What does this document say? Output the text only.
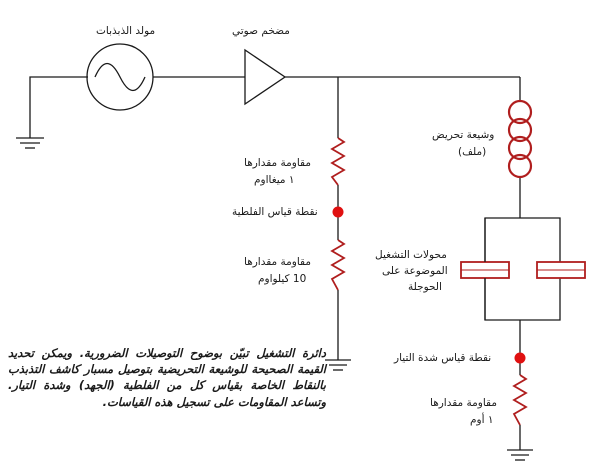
مولد الذبذبات	مضخم صوتي
وشيعة تحريض
(ملف)
مقاومة مقدارها
١ ميغااوم
نقطة قياس الفلطية
مقاومة مقدارها
10 كيلواوم
محولات التشغيل
الموضوعة على
الحوجلة
نقطة قياس شدة التيار
مقاومة مقدارها
١ أوم
دائرة التشغيل تبيّن بوضوح التوصيلات الضرورية. ويمكن تحديد القيمة الصحيحة للوشيعة التحريضية بتوصيل مسبار كاشف التذبذب بالنقاط الخاصة بقياس كل من الفلطية (الجهد) وشدة التيار. وتساعد المقاومات على تسجيل هذه القياسات.
